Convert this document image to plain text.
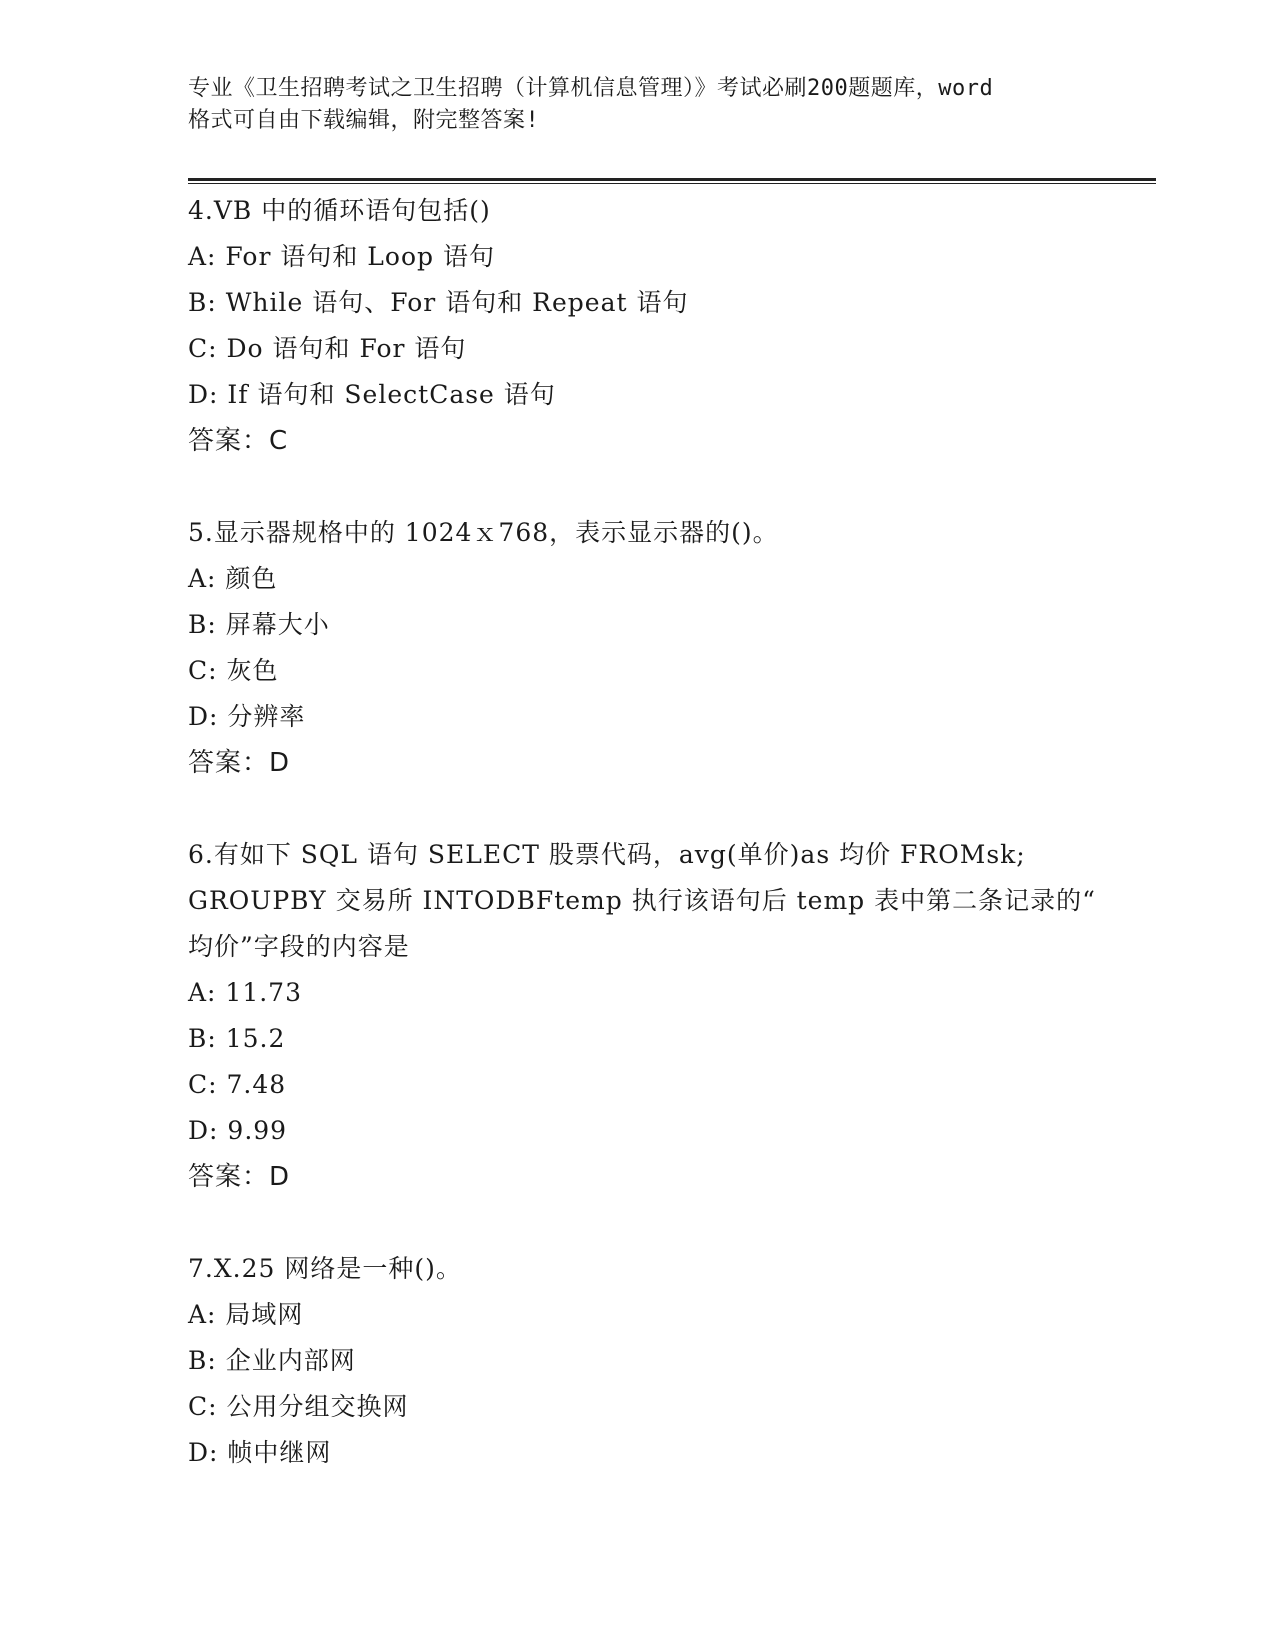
专业《卫生招聘考试之卫生招聘（计算机信息管理）》考试必刷200题题库，word
格式可自由下载编辑，附完整答案!
4.VB 中的循环语句包括()
A: For 语句和 Loop 语句
B: While 语句、For 语句和 Repeat 语句
C: Do 语句和 For 语句
D: If 语句和 SelectCase 语句
答案：C
5.显示器规格中的 1024ｘ768，表示显示器的()。
A: 颜色
B: 屏幕大小
C: 灰色
D: 分辨率
答案：D
6.有如下 SQL 语句 SELECT 股票代码，avg(单价)as 均价 FROMsk;
GROUPBY 交易所 INTODBFtemp 执行该语句后 temp 表中第二条记录的“
均价”字段的内容是
A: 11.73
B: 15.2
C: 7.48
D: 9.99
答案：D
7.X.25 网络是一种()。
A: 局域网
B: 企业内部网
C: 公用分组交换网
D: 帧中继网
